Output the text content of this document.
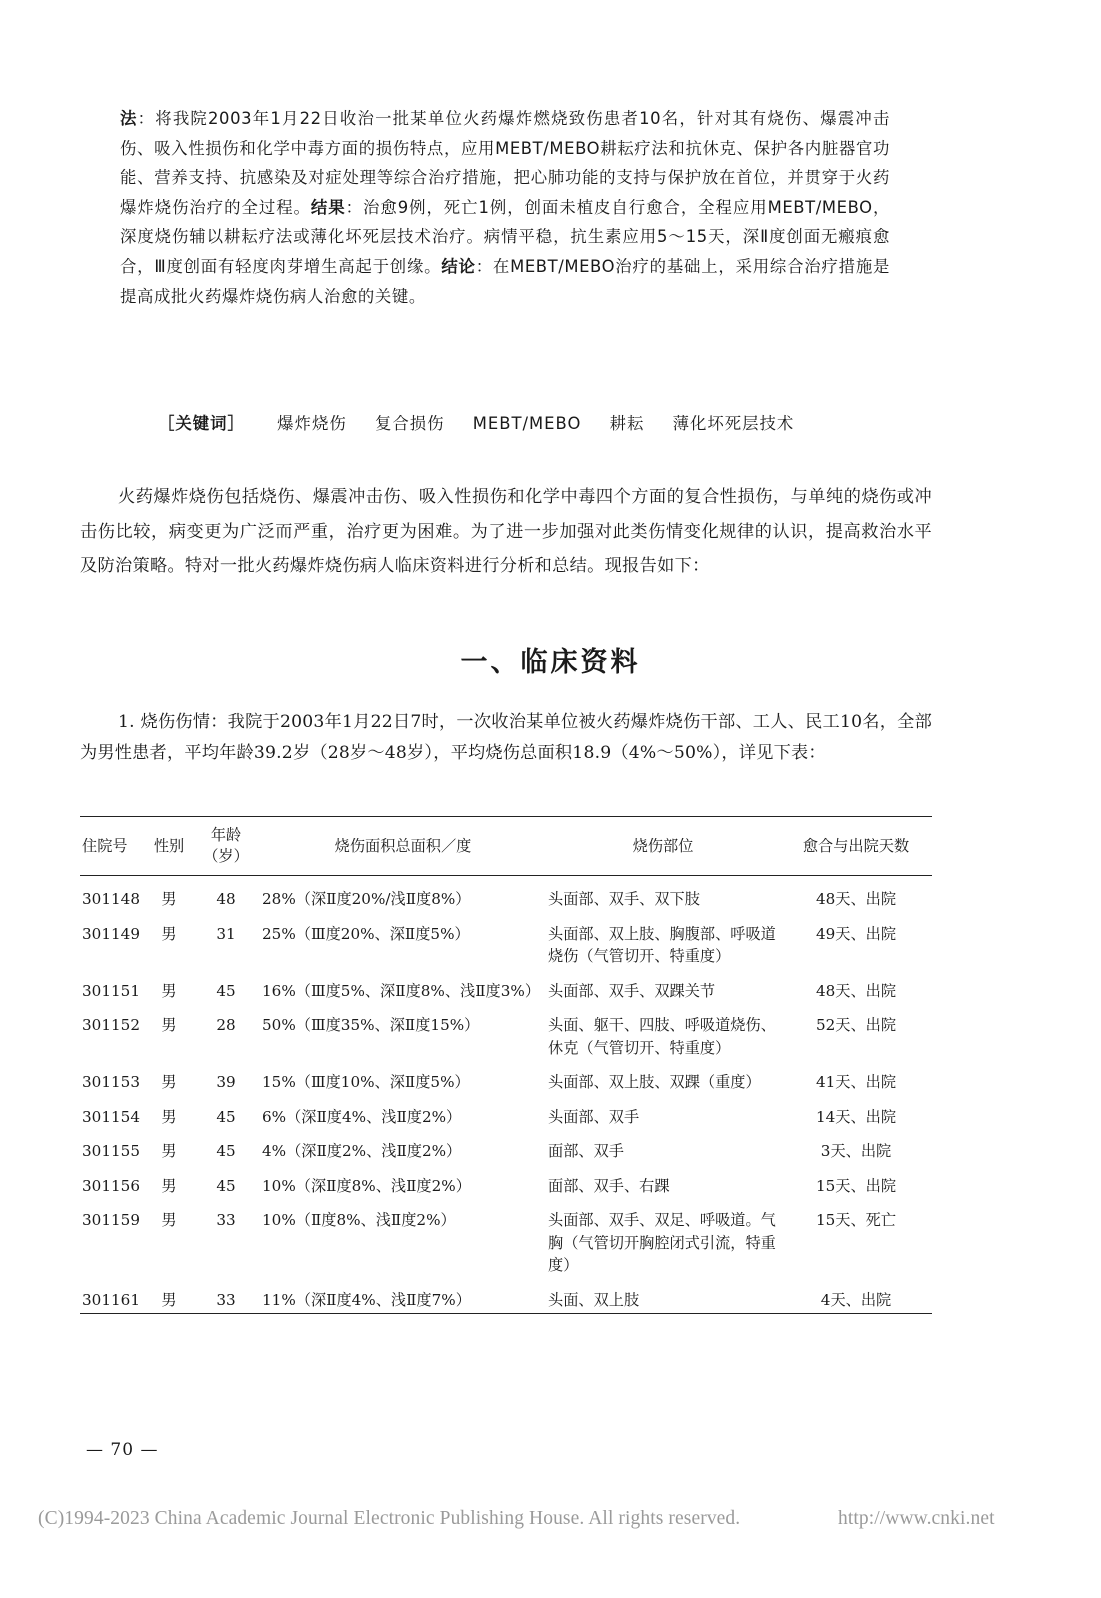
法：将我院2003年1月22日收治一批某单位火药爆炸燃烧致伤患者10名，针对其有烧伤、爆震冲击伤、吸入性损伤和化学中毒方面的损伤特点，应用MEBT/MEBO耕耘疗法和抗休克、保护各内脏器官功能、营养支持、抗感染及对症处理等综合治疗措施，把心肺功能的支持与保护放在首位，并贯穿于火药爆炸烧伤治疗的全过程。结果：治愈9例，死亡1例，创面未植皮自行愈合，全程应用MEBT/MEBO，深度烧伤辅以耕耘疗法或薄化坏死层技术治疗。病情平稳，抗生素应用5～15天，深Ⅱ度创面无瘢痕愈合，Ⅲ度创面有轻度肉芽增生高起于创缘。结论：在MEBT/MEBO治疗的基础上，采用综合治疗措施是提高成批火药爆炸烧伤病人治愈的关键。
［关键词］ 爆炸烧伤 复合损伤 MEBT/MEBO 耕耘 薄化坏死层技术
火药爆炸烧伤包括烧伤、爆震冲击伤、吸入性损伤和化学中毒四个方面的复合性损伤，与单纯的烧伤或冲击伤比较，病变更为广泛而严重，治疗更为困难。为了进一步加强对此类伤情变化规律的认识，提高救治水平及防治策略。特对一批火药爆炸烧伤病人临床资料进行分析和总结。现报告如下：
一、临床资料
1. 烧伤伤情：我院于2003年1月22日7时，一次收治某单位被火药爆炸烧伤干部、工人、民工10名，全部为男性患者，平均年龄39.2岁（28岁～48岁），平均烧伤总面积18.9（4%～50%），详见下表：
住院号	性别	年龄（岁）	烧伤面积总面积／度	烧伤部位	愈合与出院天数
301148	男	48	28%（深Ⅱ度20%/浅Ⅱ度8%）	头面部、双手、双下肢	48天、出院
301149	男	31	25%（Ⅲ度20%、深Ⅱ度5%）	头面部、双上肢、胸腹部、呼吸道烧伤（气管切开、特重度）	49天、出院
301151	男	45	16%（Ⅲ度5%、深Ⅱ度8%、浅Ⅱ度3%）	头面部、双手、双踝关节	48天、出院
301152	男	28	50%（Ⅲ度35%、深Ⅱ度15%）	头面、躯干、四肢、呼吸道烧伤、休克（气管切开、特重度）	52天、出院
301153	男	39	15%（Ⅲ度10%、深Ⅱ度5%）	头面部、双上肢、双踝（重度）	41天、出院
301154	男	45	6%（深Ⅱ度4%、浅Ⅱ度2%）	头面部、双手	14天、出院
301155	男	45	4%（深Ⅱ度2%、浅Ⅱ度2%）	面部、双手	3天、出院
301156	男	45	10%（深Ⅱ度8%、浅Ⅱ度2%）	面部、双手、右踝	15天、出院
301159	男	33	10%（Ⅱ度8%、浅Ⅱ度2%）	头面部、双手、双足、呼吸道。气胸（气管切开胸腔闭式引流，特重度）	15天、死亡
301161	男	33	11%（深Ⅱ度4%、浅Ⅱ度7%）	头面、双上肢	4天、出院
— 70 —
(C)1994-2023 China Academic Journal Electronic Publishing House. All rights reserved.	http://www.cnki.net
